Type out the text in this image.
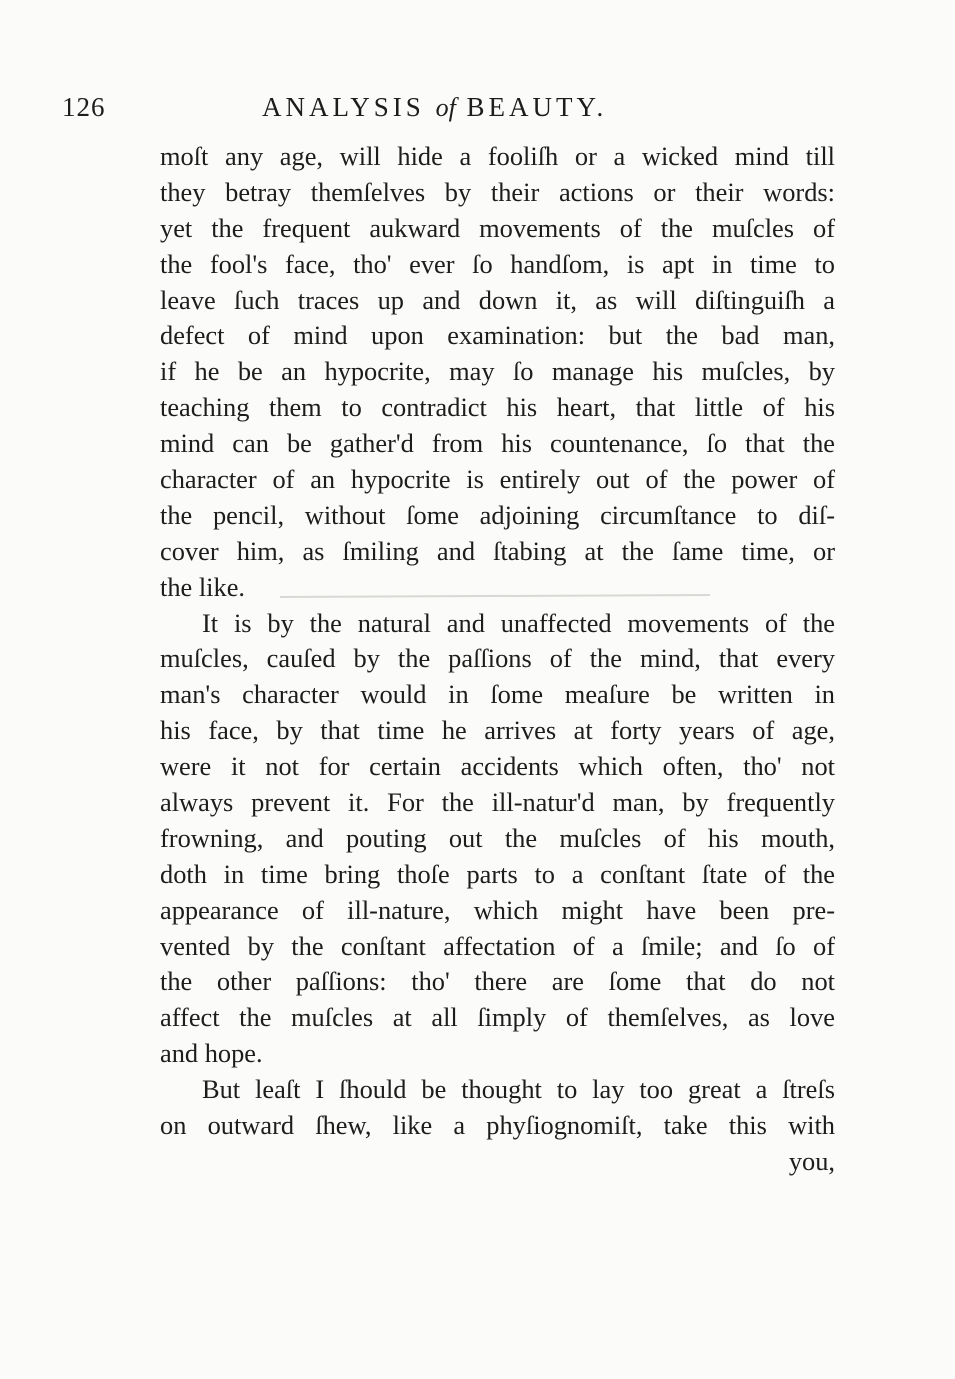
126	ANALYSIS of BEAUTY.
moſt any age, will hide a fooliſh or a wicked mind till
they betray themſelves by their actions or their words:
yet the frequent aukward movements of the muſcles of
the fool's face, tho' ever ſo handſom, is apt in time to
leave ſuch traces up and down it, as will diſtinguiſh a
defect of mind upon examination: but the bad man,
if he be an hypocrite, may ſo manage his muſcles, by
teaching them to contradict his heart, that little of his
mind can be gather'd from his countenance, ſo that the
character of an hypocrite is entirely out of the power of
the pencil, without ſome adjoining circumſtance to diſ-
cover him, as ſmiling and ſtabing at the ſame time, or
the like.
It is by the natural and unaffected movements of the
muſcles, cauſed by the paſſions of the mind, that every
man's character would in ſome meaſure be written in
his face, by that time he arrives at forty years of age,
were it not for certain accidents which often, tho' not
always prevent it. For the ill-natur'd man, by frequently
frowning, and pouting out the muſcles of his mouth,
doth in time bring thoſe parts to a conſtant ſtate of the
appearance of ill-nature, which might have been pre-
vented by the conſtant affectation of a ſmile; and ſo of
the other paſſions: tho' there are ſome that do not
affect the muſcles at all ſimply of themſelves, as love
and hope.
But leaſt I ſhould be thought to lay too great a ſtreſs
on outward ſhew, like a phyſiognomiſt, take this with
you,
